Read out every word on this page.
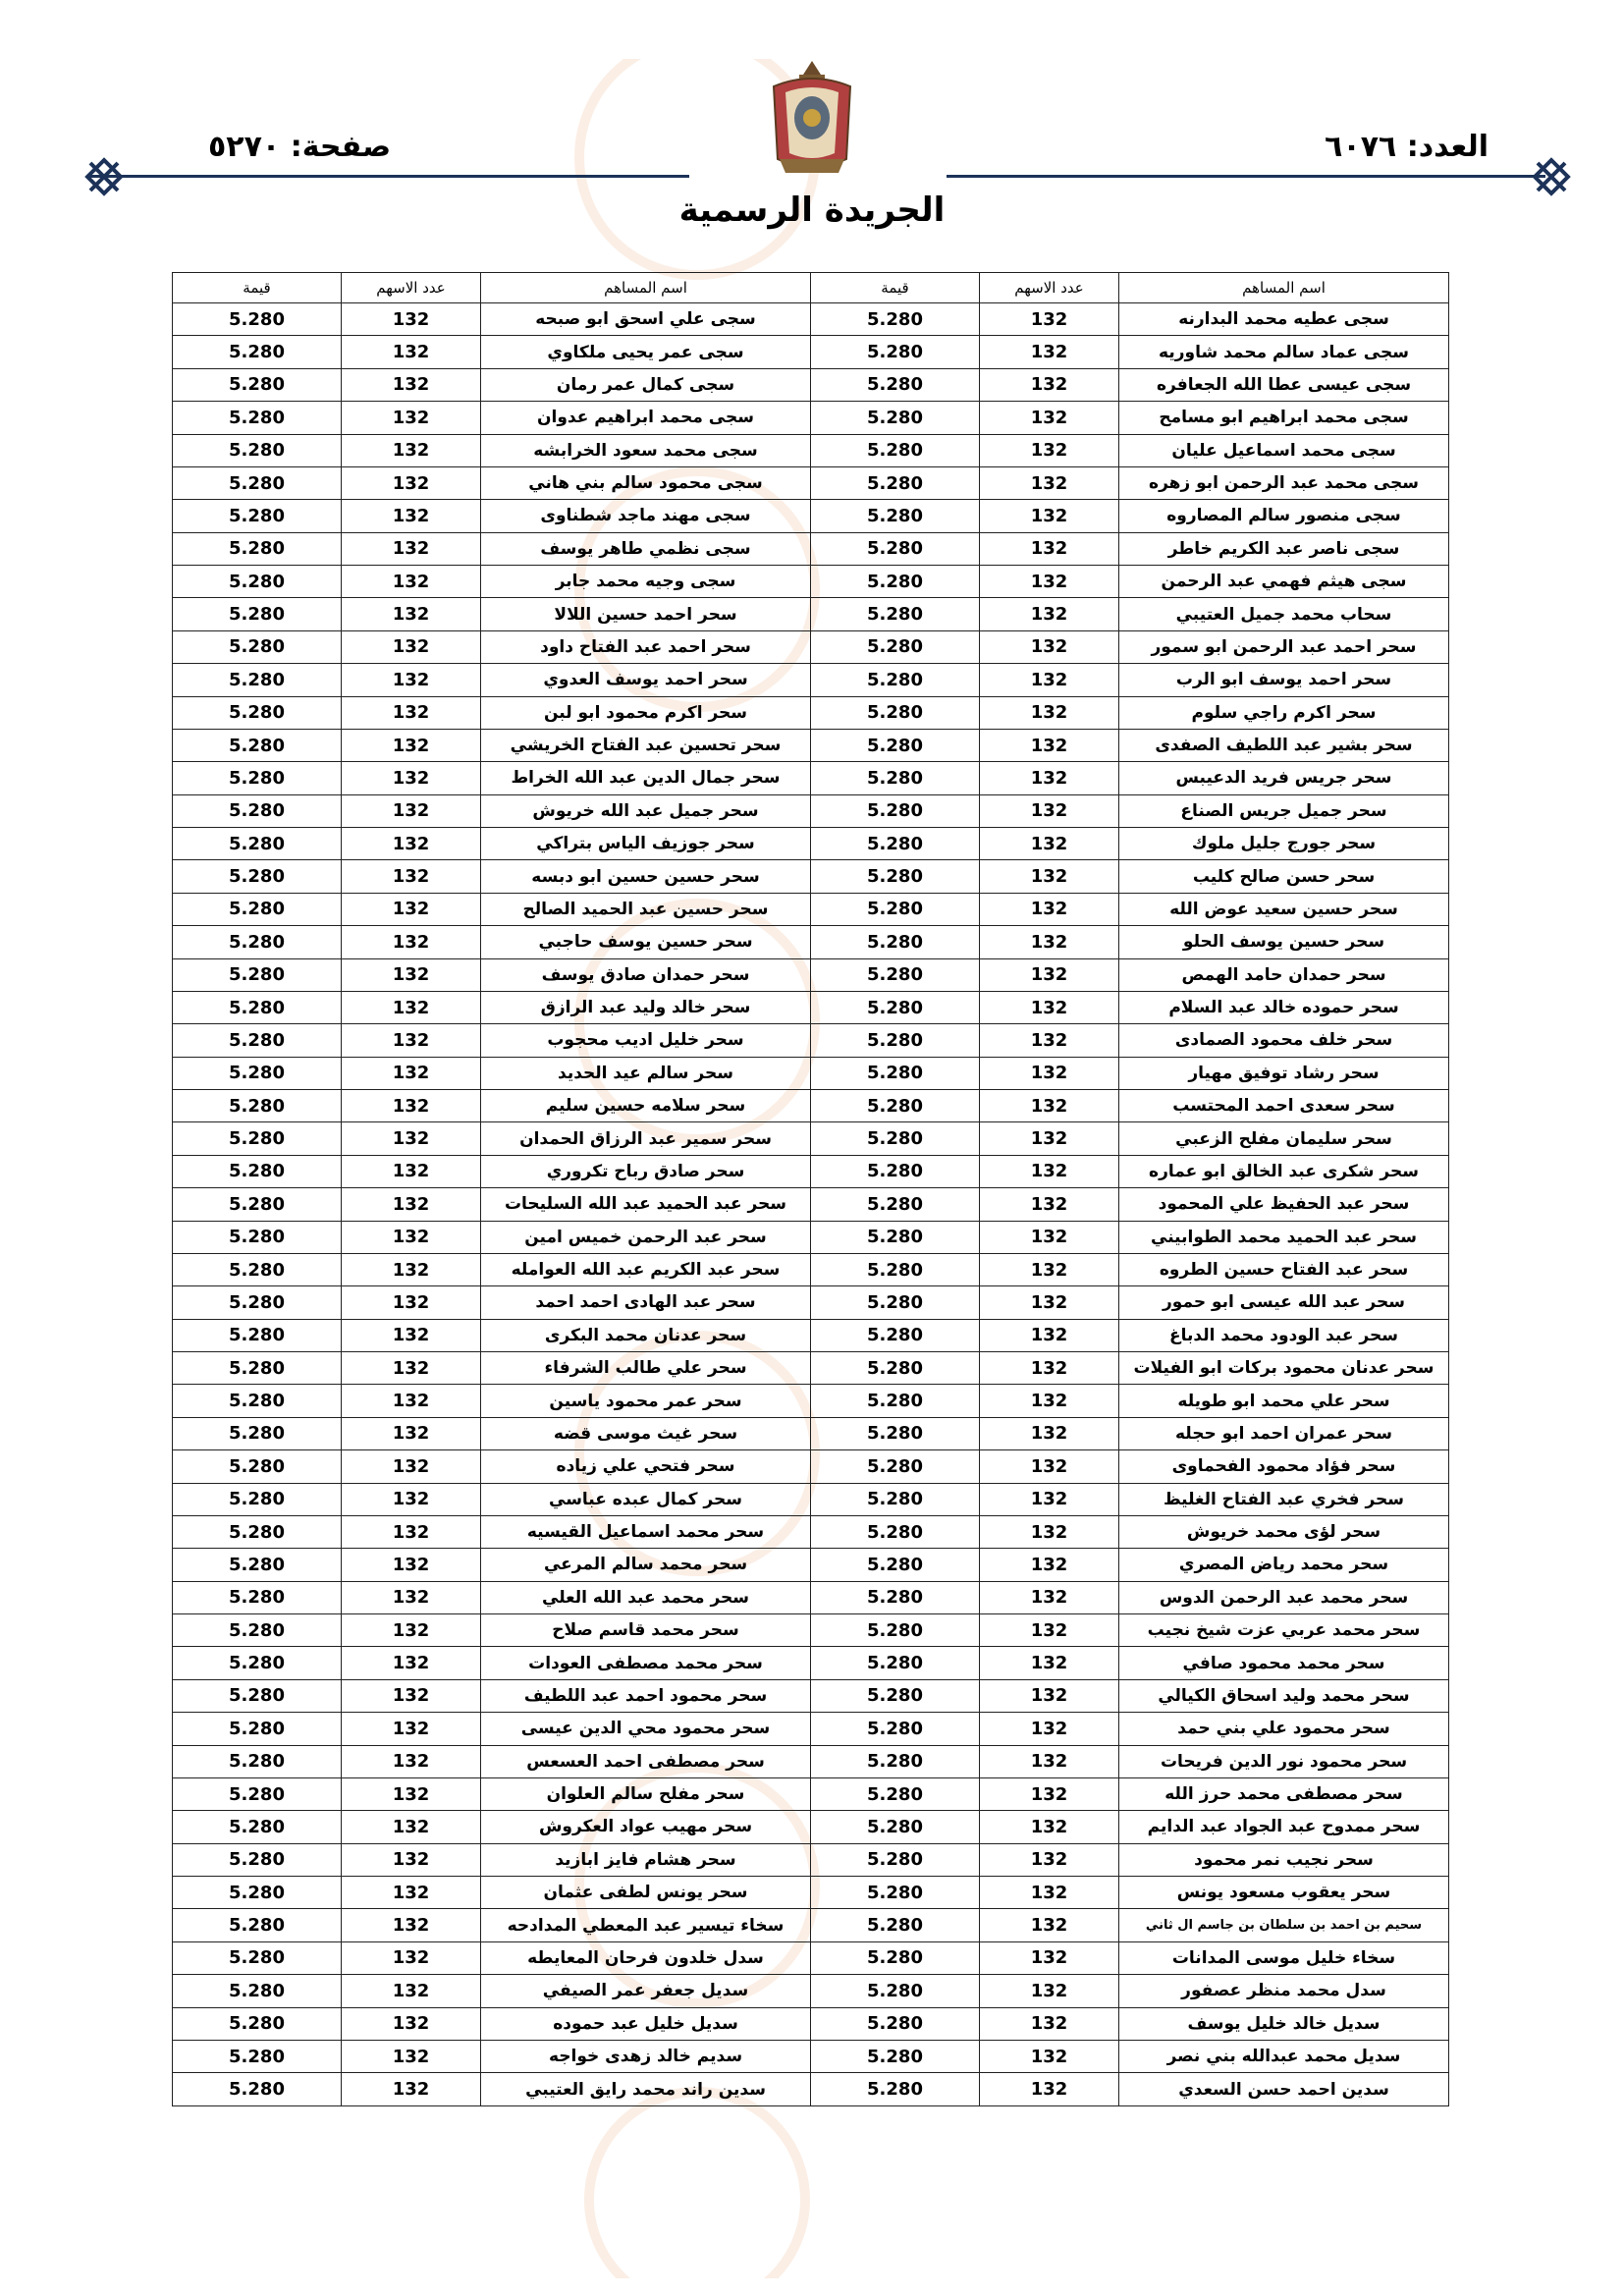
العدد: ٦٠٧٦
صفحة: ٥٢٧٠
الجريدة الرسمية
اسم المساهم	عدد الاسهم	قيمة	اسم المساهم	عدد الاسهم	قيمة
سجى عطيه محمد البدارنه	132	5.280	سجى علي اسحق ابو صبحه	132	5.280
سجى عماد سالم محمد شاوريه	132	5.280	سجى عمر يحيى ملكاوي	132	5.280
سجى عيسى عطا الله الجعافره	132	5.280	سجى كمال عمر رمان	132	5.280
سجى محمد ابراهيم ابو مسامح	132	5.280	سجى محمد ابراهيم عدوان	132	5.280
سجى محمد اسماعيل عليان	132	5.280	سجى محمد سعود الخرابشه	132	5.280
سجى محمد عبد الرحمن ابو زهره	132	5.280	سجى محمود سالم بني هاني	132	5.280
سجى منصور سالم المصاروه	132	5.280	سجى مهند ماجد شطناوى	132	5.280
سجى ناصر عبد الكريم خاطر	132	5.280	سجى نظمي طاهر يوسف	132	5.280
سجى هيثم فهمي عبد الرحمن	132	5.280	سجى وجيه محمد جابر	132	5.280
سحاب محمد جميل العتيبي	132	5.280	سحر احمد حسين اللالا	132	5.280
سحر احمد عبد الرحمن ابو سمور	132	5.280	سحر احمد عبد الفتاح داود	132	5.280
سحر احمد يوسف ابو الرب	132	5.280	سحر احمد يوسف العدوي	132	5.280
سحر اكرم راجي سلوم	132	5.280	سحر اكرم محمود ابو لبن	132	5.280
سحر بشير عبد اللطيف الصفدى	132	5.280	سحر تحسين عبد الفتاح الخريشي	132	5.280
سحر جريس فريد الدعيبس	132	5.280	سحر جمال الدين عبد الله الخراط	132	5.280
سحر جميل جريس الصناع	132	5.280	سحر جميل عبد الله خريوش	132	5.280
سحر جورج جليل ملوك	132	5.280	سحر جوزيف الياس بتراكي	132	5.280
سحر حسن صالح كليب	132	5.280	سحر حسين حسين ابو دبسه	132	5.280
سحر حسين سعيد عوض الله	132	5.280	سحر حسين عبد الحميد الصالح	132	5.280
سحر حسين يوسف الحلو	132	5.280	سحر حسين يوسف حاجبي	132	5.280
سحر حمدان حامد الهمص	132	5.280	سحر حمدان صادق يوسف	132	5.280
سحر حموده خالد عبد السلام	132	5.280	سحر خالد وليد عبد الرازق	132	5.280
سحر خلف محمود الصمادى	132	5.280	سحر خليل اديب محجوب	132	5.280
سحر رشاد توفيق مهيار	132	5.280	سحر سالم عيد الحديد	132	5.280
سحر سعدى احمد المحتسب	132	5.280	سحر سلامه حسين سليم	132	5.280
سحر سليمان مفلح الزعبي	132	5.280	سحر سمير عبد الرزاق الحمدان	132	5.280
سحر شكرى عبد الخالق ابو عماره	132	5.280	سحر صادق رباح تكروري	132	5.280
سحر عبد الحفيظ علي المحمود	132	5.280	سحر عبد الحميد عبد الله السليحات	132	5.280
سحر عبد الحميد محمد الطوابيني	132	5.280	سحر عبد الرحمن خميس امين	132	5.280
سحر عبد الفتاح حسين الطروه	132	5.280	سحر عبد الكريم عبد الله العوامله	132	5.280
سحر عبد الله عيسى ابو حمور	132	5.280	سحر عبد الهادى احمد احمد	132	5.280
سحر عبد الودود محمد الدباغ	132	5.280	سحر عدنان محمد البكرى	132	5.280
سحر عدنان محمود بركات ابو الفيلات	132	5.280	سحر علي طالب الشرفاء	132	5.280
سحر علي محمد ابو طويله	132	5.280	سحر عمر محمود ياسين	132	5.280
سحر عمران احمد ابو حجله	132	5.280	سحر غيث موسى قضه	132	5.280
سحر فؤاد محمود الفحماوى	132	5.280	سحر فتحي علي زياده	132	5.280
سحر فخري عبد الفتاح الغليظ	132	5.280	سحر كمال عبده عباسي	132	5.280
سحر لؤى محمد خريوش	132	5.280	سحر محمد اسماعيل القيسيه	132	5.280
سحر محمد رياض المصري	132	5.280	سحر محمد سالم المرعي	132	5.280
سحر محمد عبد الرحمن الدوس	132	5.280	سحر محمد عبد الله العلي	132	5.280
سحر محمد عربي عزت شيخ نجيب	132	5.280	سحر محمد قاسم صلاح	132	5.280
سحر محمد محمود صافي	132	5.280	سحر محمد مصطفى العودات	132	5.280
سحر محمد وليد اسحاق الكيالي	132	5.280	سحر محمود احمد عبد اللطيف	132	5.280
سحر محمود علي بني حمد	132	5.280	سحر محمود محي الدين عيسى	132	5.280
سحر محمود نور الدين فريحات	132	5.280	سحر مصطفى احمد العسعس	132	5.280
سحر مصطفى محمد حرز الله	132	5.280	سحر مفلح سالم العلوان	132	5.280
سحر ممدوح عبد الجواد عبد الدايم	132	5.280	سحر مهيب عواد العكروش	132	5.280
سحر نجيب نمر محمود	132	5.280	سحر هشام فايز ابازيد	132	5.280
سحر يعقوب مسعود يونس	132	5.280	سحر يونس لطفى عثمان	132	5.280
سحيم بن احمد بن سلطان بن جاسم ال ثاني	132	5.280	سخاء تيسير عبد المعطي المدادحه	132	5.280
سخاء خليل موسى المدانات	132	5.280	سدل خلدون فرحان المعايطه	132	5.280
سدل محمد منظر عصفور	132	5.280	سديل جعفر عمر الصيفي	132	5.280
سديل خالد خليل يوسف	132	5.280	سديل خليل عبد حموده	132	5.280
سديل محمد عبدالله بني نصر	132	5.280	سديم خالد زهدى خواجه	132	5.280
سدين احمد حسن السعدي	132	5.280	سدين راند محمد رايق العتيبي	132	5.280
